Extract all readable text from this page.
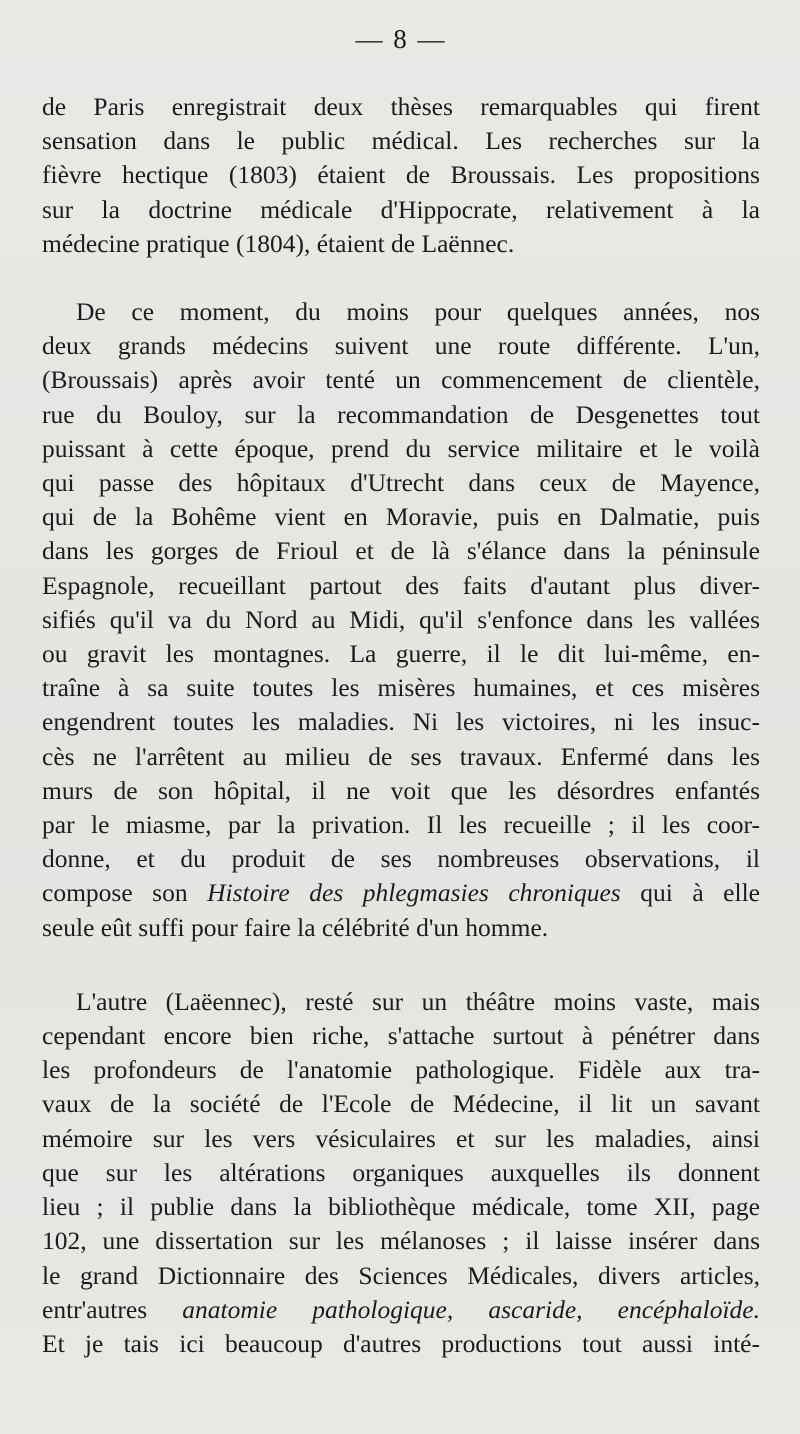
— 8 —
de Paris enregistrait deux thèses remarquables qui firent
sensation dans le public médical. Les recherches sur la
fièvre hectique (1803) étaient de Broussais. Les propositions
sur la doctrine médicale d'Hippocrate, relativement à la
médecine pratique (1804), étaient de Laënnec.
De ce moment, du moins pour quelques années, nos
deux grands médecins suivent une route différente. L'un,
(Broussais) après avoir tenté un commencement de clientèle,
rue du Bouloy, sur la recommandation de Desgenettes tout
puissant à cette époque, prend du service militaire et le voilà
qui passe des hôpitaux d'Utrecht dans ceux de Mayence,
qui de la Bohême vient en Moravie, puis en Dalmatie, puis
dans les gorges de Frioul et de là s'élance dans la péninsule
Espagnole, recueillant partout des faits d'autant plus diver-
sifiés qu'il va du Nord au Midi, qu'il s'enfonce dans les vallées
ou gravit les montagnes. La guerre, il le dit lui-même, en-
traîne à sa suite toutes les misères humaines, et ces misères
engendrent toutes les maladies. Ni les victoires, ni les insuc-
cès ne l'arrêtent au milieu de ses travaux. Enfermé dans les
murs de son hôpital, il ne voit que les désordres enfantés
par le miasme, par la privation. Il les recueille ; il les coor-
donne, et du produit de ses nombreuses observations, il
compose son Histoire des phlegmasies chroniques qui à elle
seule eût suffi pour faire la célébrité d'un homme.
L'autre (Laëennec), resté sur un théâtre moins vaste, mais
cependant encore bien riche, s'attache surtout à pénétrer dans
les profondeurs de l'anatomie pathologique. Fidèle aux tra-
vaux de la société de l'Ecole de Médecine, il lit un savant
mémoire sur les vers vésiculaires et sur les maladies, ainsi
que sur les altérations organiques auxquelles ils donnent
lieu ; il publie dans la bibliothèque médicale, tome XII, page
102, une dissertation sur les mélanoses ; il laisse insérer dans
le grand Dictionnaire des Sciences Médicales, divers articles,
entr'autres anatomie pathologique, ascaride, encéphaloïde.
Et je tais ici beaucoup d'autres productions tout aussi inté-
